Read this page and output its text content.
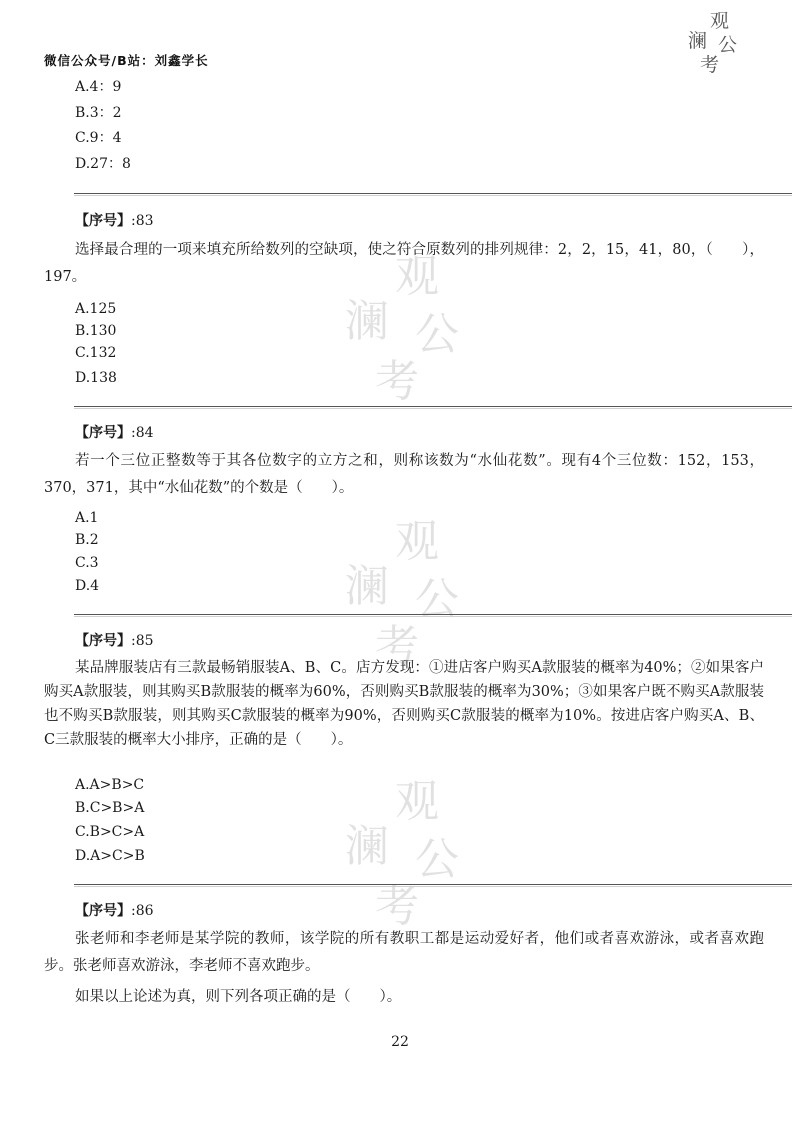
微信公众号/B站：刘鑫学长
观
澜 公
考
观
澜 公
考
观
澜 公
考
观
澜 公
考
A.4：9
B.3：2
C.9：4
D.27：8
【序号】:83
选择最合理的一项来填充所给数列的空缺项，使之符合原数列的排列规律：2，2，15，41，80，（　　），197。
A.125
B.130
C.132
D.138
【序号】:84
若一个三位正整数等于其各位数字的立方之和，则称该数为“水仙花数”。现有4个三位数：152，153，370，371，其中“水仙花数”的个数是（　　）。
A.1
B.2
C.3
D.4
【序号】:85
某品牌服装店有三款最畅销服装A、B、C。店方发现：①进店客户购买A款服装的概率为40%；②如果客户购买A款服装，则其购买B款服装的概率为60%，否则购买B款服装的概率为30%；③如果客户既不购买A款服装也不购买B款服装，则其购买C款服装的概率为90%，否则购买C款服装的概率为10%。按进店客户购买A、B、C三款服装的概率大小排序，正确的是（　　）。
A.A>B>C
B.C>B>A
C.B>C>A
D.A>C>B
【序号】:86
张老师和李老师是某学院的教师，该学院的所有教职工都是运动爱好者，他们或者喜欢游泳，或者喜欢跑步。张老师喜欢游泳，李老师不喜欢跑步。
如果以上论述为真，则下列各项正确的是（　　）。
22
